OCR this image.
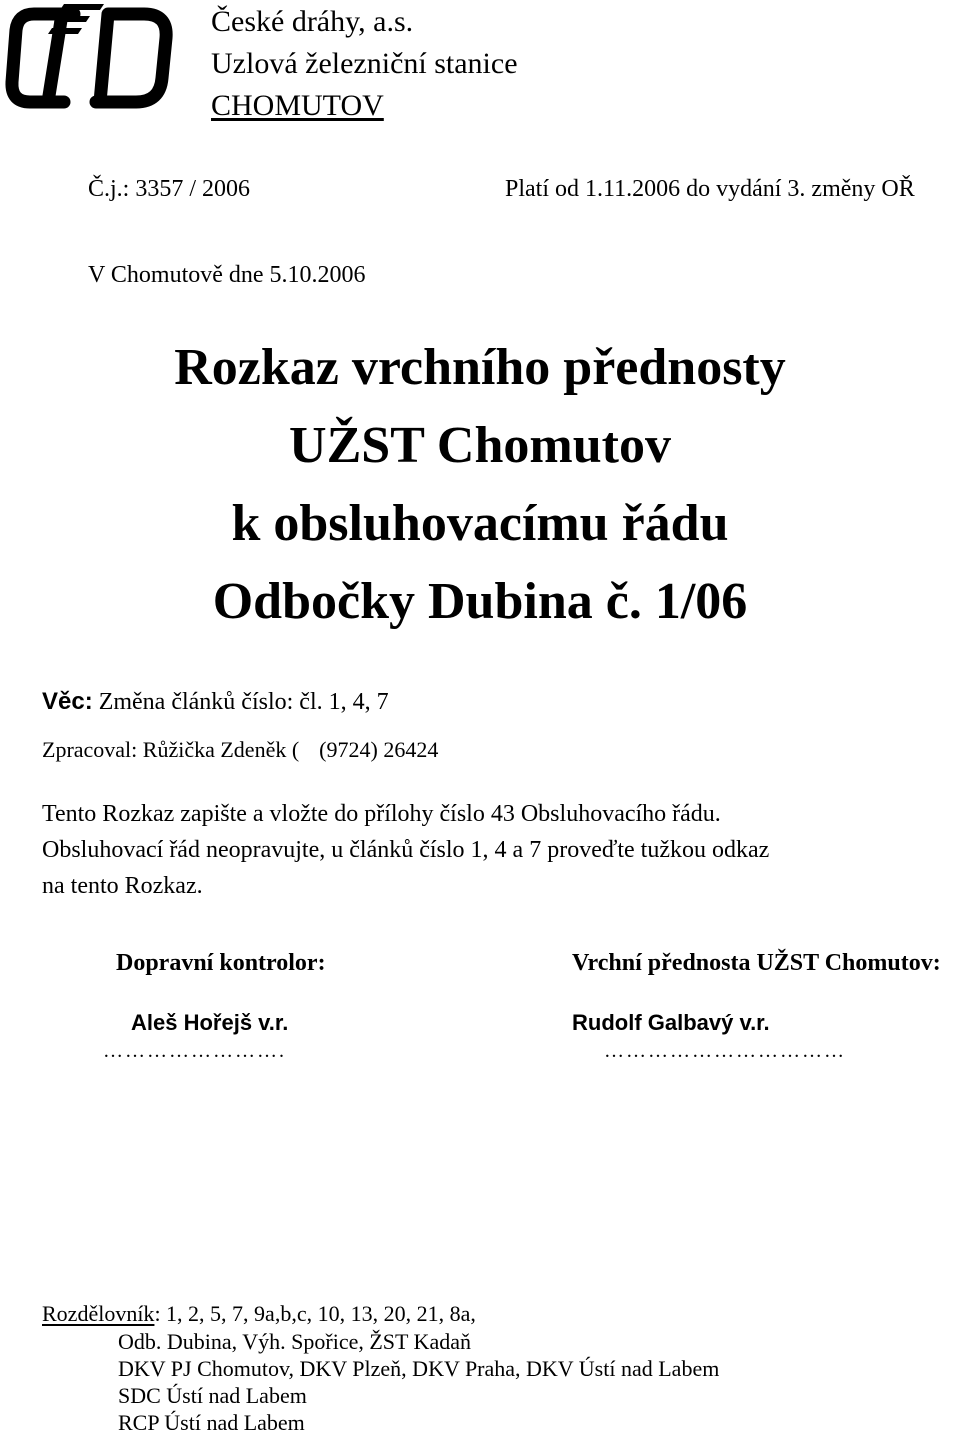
České dráhy, a.s.
Uzlová železniční stanice
CHOMUTOV
Č.j.: 3357 / 2006	Platí od 1.11.2006 do vydání 3. změny OŘ
V Chomutově dne 5.10.2006
Rozkaz vrchního přednosty
UŽST Chomutov
k obsluhovacímu řádu
Odbočky Dubina č. 1/06
Věc: Změna článků číslo: čl. 1, 4, 7
Zpracoval: Růžička Zdeněk ( (9724) 26424
Tento Rozkaz zapište a vložte do přílohy číslo 43 Obsluhovacího řádu.
Obsluhovací řád neopravujte, u článků číslo 1, 4 a 7 proveďte tužkou odkaz
na tento Rozkaz.
Dopravní kontrolor:
Aleš Hořejš v.r.
…………………….
Vrchní přednosta UŽST Chomutov:
Rudolf Galbavý v.r.
……………………………
Rozdělovník: 1, 2, 5, 7, 9a,b,c, 10, 13, 20, 21, 8a,
Odb. Dubina, Výh. Spořice, ŽST Kadaň
DKV PJ Chomutov, DKV Plzeň, DKV Praha, DKV Ústí nad Labem
SDC Ústí nad Labem
RCP Ústí nad Labem
